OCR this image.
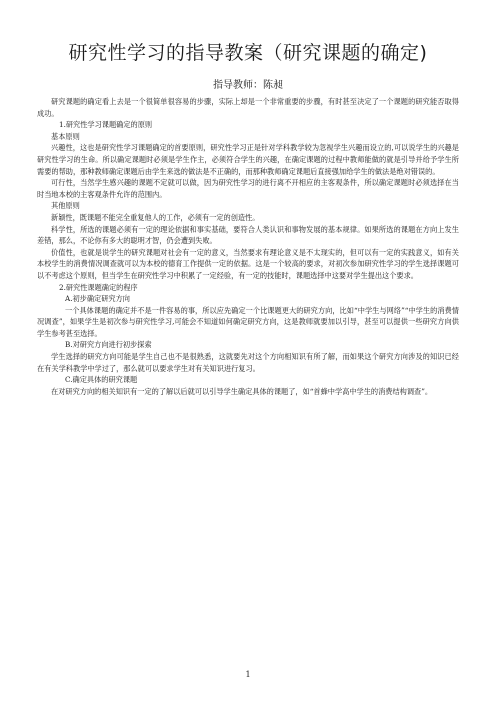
研究性学习的指导教案（研究课题的确定)
指导教师：陈昶

研究课题的确定看上去是一个很简单很容易的步骤，实际上却是一个非常重要的步骤，有时甚至决定了一个课题的研究能否取得成功。

1.研究性学习课题确定的原则

基本原则

兴趣性，这也是研究性学习课题确定的首要原则，研究性学习正是针对学科教学较为忽视学生兴趣而设立的,可以说学生的兴趣是研究性学习的生命。所以确定课题时必须是学生作主，必须符合学生的兴趣，在确定课题的过程中教师能做的就是引导并给予学生所需要的帮助，那种教师确定课题后由学生来选的做法是不正确的，而那种教师确定课题后直接强加给学生的做法是绝对错误的。

可行性，当然学生感兴趣的课题不定就可以做，因为研究性学习的进行离不开相应的主客观条件，所以确定课题时必须选择在当时当地本校的主客观条件允许的范围内。

其他原则

新颖性，既课题不能完全重复他人的工作，必须有一定的创造性。

科学性，所选的课题必须有一定的理论依据和事实基础，要符合人类认识和事物发展的基本规律。如果所选的课题在方向上发生差错，那么，不论你有多大的聪明才智，仍会遭到失败。

价值性，也就是说学生的研究课题对社会有一定的意义，当然要求有理论意义是不太现实的，但可以有一定的实践意义，如有关本校学生的消费情况调查就可以为本校的德育工作提供一定的依据。这是一个较高的要求，对初次参加研究性学习的学生选择课题可以不考虑这个原则，但当学生在研究性学习中积累了一定经验，有一定的技能时，课题选择中这要对学生提出这个要求。

2.研究性课题确定的程序

A.初步确定研究方向

一个具体课题的确定并不是一件容易的事，所以应先确定一个比课题更大的研究方向，比如“中学生与网络”“中学生的消费情况调查”，如果学生是初次参与研究性学习,可能会不知道如何确定研究方向，这是教师就要加以引导，甚至可以提供一些研究方向供学生参考甚至选择。

B.对研究方向进行初步探索

学生选择的研究方向可能是学生自己也不是很熟悉，这就要先对这个方向相知识有所了解，而如果这个研究方向涉及的知识已经在有关学科教学中学过了，那么就可以要求学生对有关知识进行复习。

C.确定具体的研究课题

在对研究方向的相关知识有一定的了解以后就可以引导学生确定具体的课题了，如“首蜂中学高中学生的消费结构调查”。

1
